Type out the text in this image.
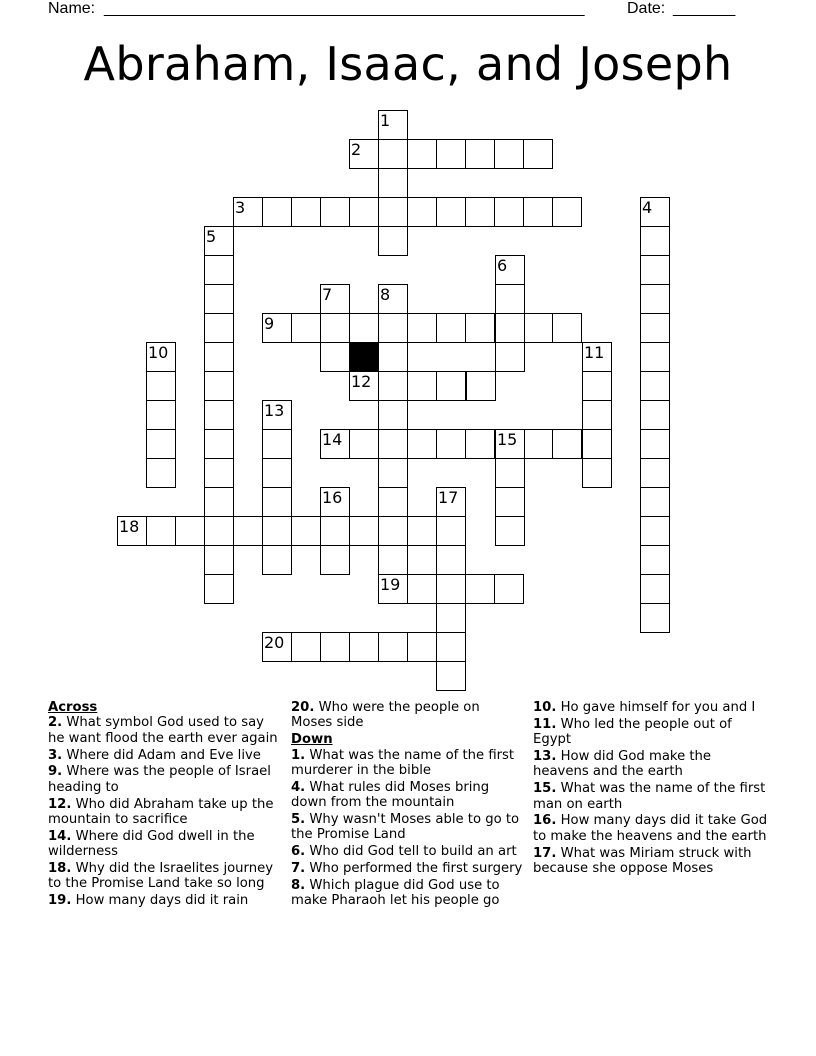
Name: ______________________________________________________	Date: _______
Abraham, Isaac, and Joseph
1
2
3	4
5
6
7	8
9
10	11
12
13
14	15
16	17
18
19
20
Across
2. What symbol God used to say he want flood the earth ever again
3. Where did Adam and Eve live
9. Where was the people of Israel heading to
12. Who did Abraham take up the mountain to sacrifice
14. Where did God dwell in the wilderness
18. Why did the Israelites journey to the Promise Land take so long
19. How many days did it rain
20. Who were the people on Moses side
Down
1. What was the name of the first murderer in the bible
4. What rules did Moses bring down from the mountain
5. Why wasn't Moses able to go to the Promise Land
6. Who did God tell to build an art
7. Who performed the first surgery
8. Which plague did God use to make Pharaoh let his people go
10. Ho gave himself for you and I
11. Who led the people out of Egypt
13. How did God make the heavens and the earth
15. What was the name of the first man on earth
16. How many days did it take God to make the heavens and the earth
17. What was Miriam struck with because she oppose Moses
